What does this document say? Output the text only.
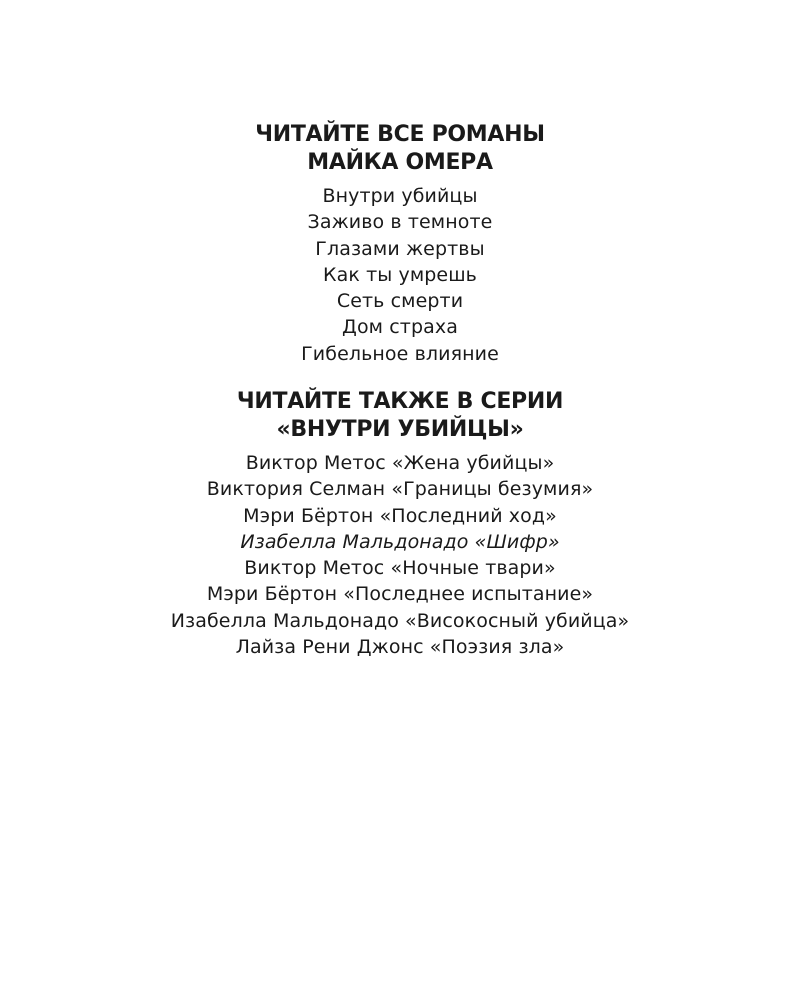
ЧИТАЙТЕ ВСЕ РОМАНЫ
МАЙКА ОМЕРА
Внутри убийцы
Заживо в темноте
Глазами жертвы
Как ты умрешь
Сеть смерти
Дом страха
Гибельное влияние
ЧИТАЙТЕ ТАКЖЕ В СЕРИИ
«ВНУТРИ УБИЙЦЫ»
Виктор Метос «Жена убийцы»
Виктория Селман «Границы безумия»
Мэри Бёртон «Последний ход»
Изабелла Мальдонадо «Шифр»
Виктор Метос «Ночные твари»
Мэри Бёртон «Последнее испытание»
Изабелла Мальдонадо «Високосный убийца»
Лайза Рени Джонс «Поэзия зла»
